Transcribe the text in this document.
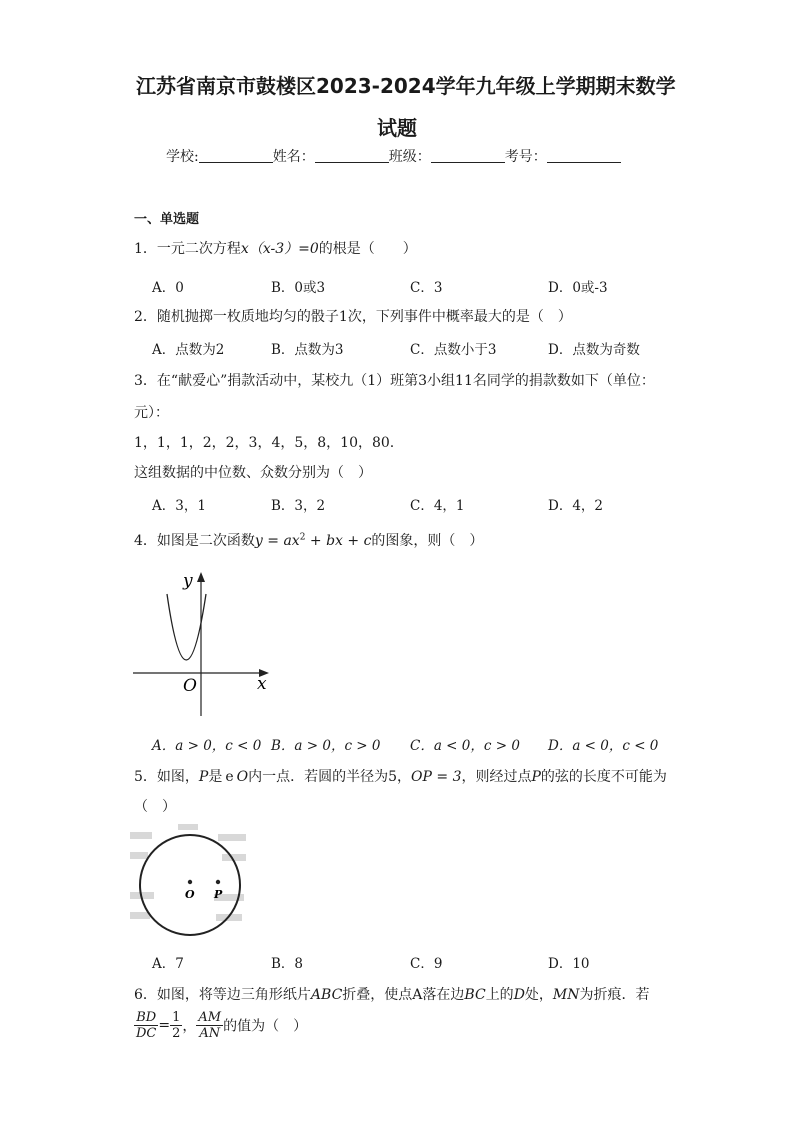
江苏省南京市鼓楼区2023-2024学年九年级上学期期末数学
试题
学校:	姓名：	班级：	考号：
一、单选题
1．一元二次方程x（x-3）=0的根是（　　）
A．0	B．0或3	C．3	D．0或-3
2．随机抛掷一枚质地均匀的骰子1次，下列事件中概率最大的是（　）
A．点数为2	B．点数为3	C．点数小于3	D．点数为奇数
3．在“献爱心”捐款活动中，某校九（1）班第3小组11名同学的捐款数如下（单位：
元）：
1，1，1，2，2，3，4，5，8，10，80.
这组数据的中位数、众数分别为（　）
A．3，1	B．3，2	C．4，1	D．4，2
4．如图是二次函数$y = ax^2$ + bx + c的图象，则（　）
y
x
O
A．a > 0，c < 0 B．a > 0，c > 0 C．a < 0，c > 0 D．a < 0，c < 0
5．如图，P是 e O内一点．若圆的半径为5，OP = 3，则经过点P的弦的长度不可能为
（　）
O P
A．7	B．8	C．9	D．10
6．如图，将等边三角形纸片ABC折叠，使点A落在边BC上的D处，MN为折痕．若
$\frac{BD}{DC} = \frac{1}{2}$ ， $\frac{AM}{AN}$ 的值为（　）
